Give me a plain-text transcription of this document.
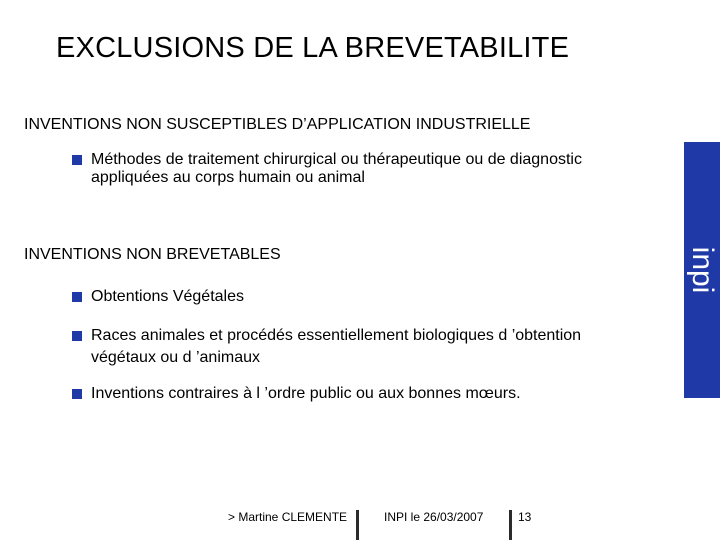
EXCLUSIONS DE LA BREVETABILITE
INVENTIONS NON SUSCEPTIBLES D’APPLICATION INDUSTRIELLE
Méthodes de traitement chirurgical ou thérapeutique ou de diagnostic
appliquées au corps humain ou animal
INVENTIONS NON BREVETABLES
Obtentions Végétales
Races animales et procédés essentiellement biologiques d ’obtention
végétaux ou d ’animaux
Inventions contraires à l ’ordre public ou aux bonnes mœurs.
inpi
> Martine CLEMENTE	INPI le 26/03/2007	13
